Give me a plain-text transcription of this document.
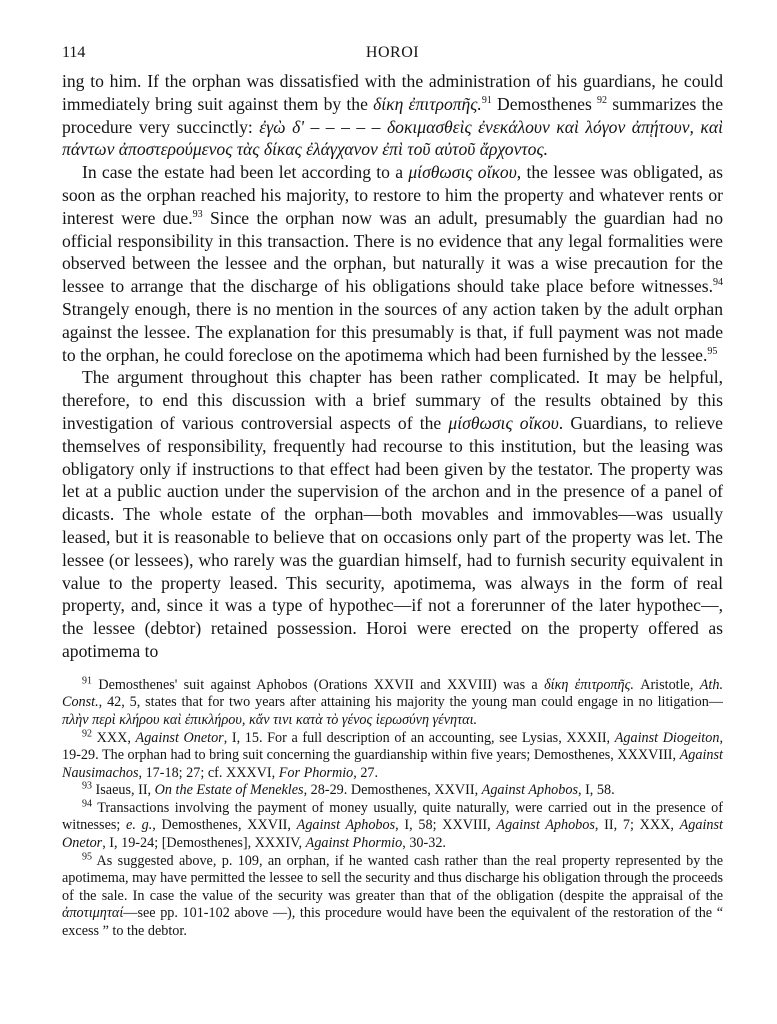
114	HOROI

ing to him. If the orphan was dissatisfied with the administration of his guardians, he could immediately bring suit against them by the δίκη ἐπιτροπῆς.$^{91}$ Demosthenes $^{92}$ summarizes the procedure very succinctly: ἐγὼ δ' – – – – – δοκιμασθεὶς ἐνεκάλουν καὶ λόγον ἀπῄτουν, καὶ πάντων ἀποστερούμενος τὰς δίκας ἐλάγχανον ἐπὶ τοῦ αὐτοῦ ἄρχοντος.

In case the estate had been let according to a μίσθωσις οἴκου, the lessee was obligated, as soon as the orphan reached his majority, to restore to him the property and whatever rents or interest were due.$^{93}$ Since the orphan now was an adult, presumably the guardian had no official responsibility in this transaction. There is no evidence that any legal formalities were observed between the lessee and the orphan, but naturally it was a wise precaution for the lessee to arrange that the discharge of his obligations should take place before witnesses.$^{94}$ Strangely enough, there is no mention in the sources of any action taken by the adult orphan against the lessee. The explanation for this presumably is that, if full payment was not made to the orphan, he could foreclose on the apotimema which had been furnished by the lessee.$^{95}$

The argument throughout this chapter has been rather complicated. It may be helpful, therefore, to end this discussion with a brief summary of the results obtained by this investigation of various controversial aspects of the μίσθωσις οἴκου. Guardians, to relieve themselves of responsibility, frequently had recourse to this institution, but the leasing was obligatory only if instructions to that effect had been given by the testator. The property was let at a public auction under the supervision of the archon and in the presence of a panel of dicasts. The whole estate of the orphan—both movables and immovables—was usually leased, but it is reasonable to believe that on occasions only part of the property was let. The lessee (or lessees), who rarely was the guardian himself, had to furnish security equivalent in value to the property leased. This security, apotimema, was always in the form of real property, and, since it was a type of hypothec—if not a forerunner of the later hypothec—, the lessee (debtor) retained possession. Horoi were erected on the property offered as apotimema to

$^{91}$ Demosthenes' suit against Aphobos (Orations XXVII and XXVIII) was a δίκη ἐπιτροπῆς. Aristotle, Ath. Const., 42, 5, states that for two years after attaining his majority the young man could engage in no litigation—πλὴν περὶ κλήρου καὶ ἐπικλήρου, κἄν τινι κατὰ τὸ γένος ἱερωσύνη γένηται.

$^{92}$ XXX, Against Onetor, I, 15. For a full description of an accounting, see Lysias, XXXII, Against Diogeiton, 19-29. The orphan had to bring suit concerning the guardianship within five years; Demosthenes, XXXVIII, Against Nausimachos, 17-18; 27; cf. XXXVI, For Phormio, 27.

$^{93}$ Isaeus, II, On the Estate of Menekles, 28-29. Demosthenes, XXVII, Against Aphobos, I, 58.

$^{94}$ Transactions involving the payment of money usually, quite naturally, were carried out in the presence of witnesses; e. g., Demosthenes, XXVII, Against Aphobos, I, 58; XXVIII, Against Aphobos, II, 7; XXX, Against Onetor, I, 19-24; [Demosthenes], XXXIV, Against Phormio, 30-32.

$^{95}$ As suggested above, p. 109, an orphan, if he wanted cash rather than the real property represented by the apotimema, may have permitted the lessee to sell the security and thus discharge his obligation through the proceeds of the sale. In case the value of the security was greater than that of the obligation (despite the appraisal of the ἀποτιμηταί—see pp. 101-102 above —), this procedure would have been the equivalent of the restoration of the “ excess ” to the debtor.
